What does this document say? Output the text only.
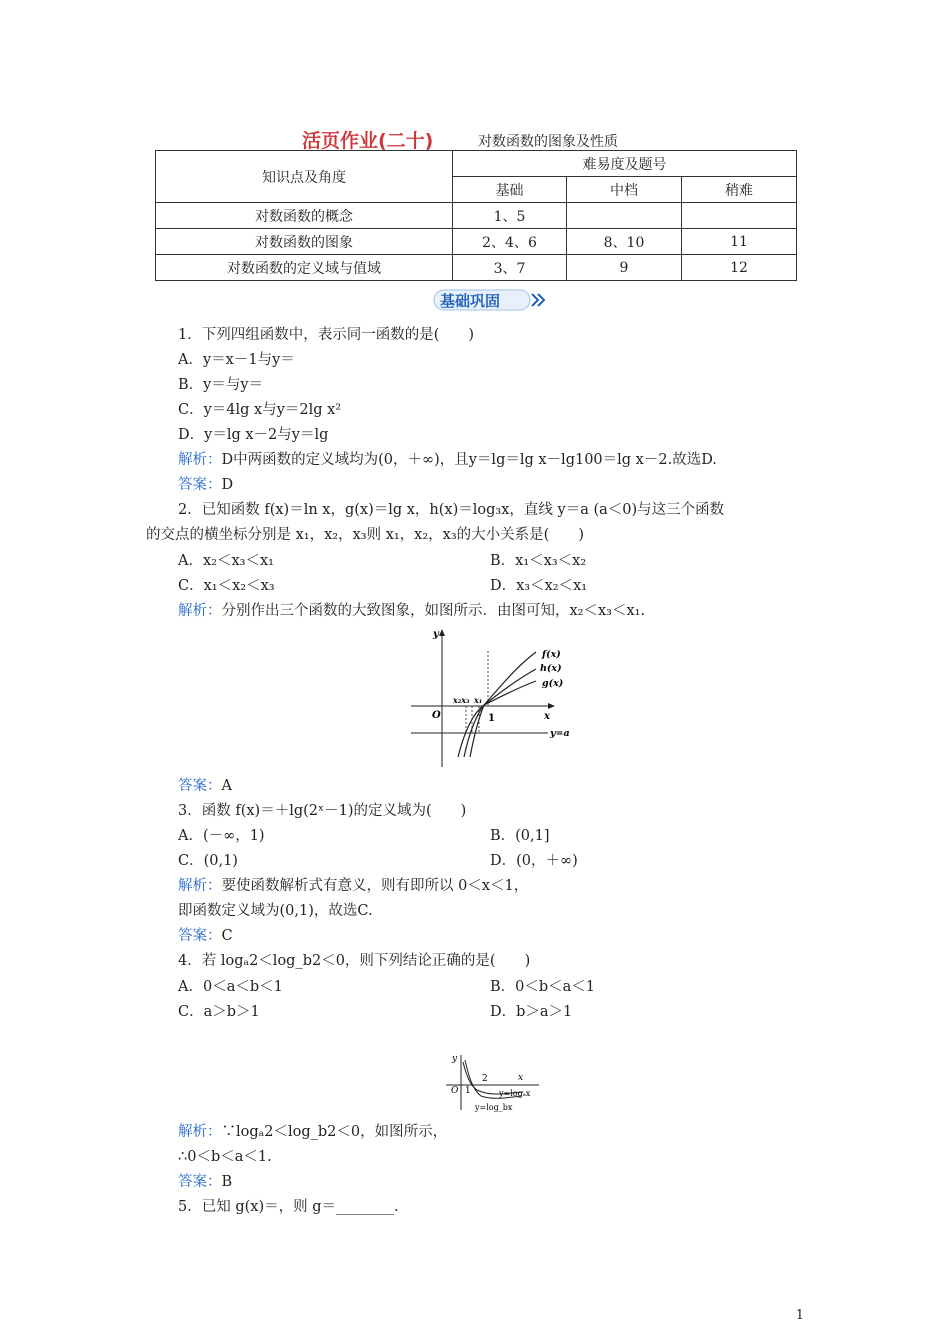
活页作业(二十)	对数函数的图象及性质
知识点及角度	难易度及题号		
	基础	中档	稍难
对数函数的概念	1、5		
对数函数的图象	2、4、6	8、10	11
对数函数的定义域与值域	3、7	9	12
基础巩固
1．下列四组函数中，表示同一函数的是(　　)
A．y＝x－1与y＝
B．y＝与y＝
C．y＝4lg x与y＝2lg x²
D．y＝lg x－2与y＝lg
解析：D中两函数的定义域均为(0，＋∞)，且y＝lg＝lg x－lg100＝lg x－2.故选D.
答案：D
2．已知函数 f(x)＝ln x，g(x)＝lg x，h(x)＝log₃x，直线 y＝a (a＜0)与这三个函数
的交点的横坐标分别是 x₁，x₂，x₃则 x₁，x₂，x₃的大小关系是(　　)
A．x₂＜x₃＜x₁	B．x₁＜x₃＜x₂
C．x₁＜x₂＜x₃	D．x₃＜x₂＜x₁
解析：分别作出三个函数的大致图象，如图所示．由图可知，x₂＜x₃＜x₁.
y
x
O	1
x₂x₃ x₁
f(x)
h(x)
g(x)
y=a
答案：A
3．函数 f(x)＝＋lg(2ˣ－1)的定义域为(　　)
A．(－∞，1)	B．(0,1]
C．(0,1)	D．(0，＋∞)
解析：要使函数解析式有意义，则有即所以 0＜x＜1，
即函数定义域为(0,1)，故选C.
答案：C
4．若 logₐ2＜log_b2＜0，则下列结论正确的是(　　)
A．0＜a＜b＜1	B．0＜b＜a＜1
C．a＞b＞1	D．b＞a＞1
y
x
O 1
2
y=logₐx
y=log_bx
解析：∵logₐ2＜log_b2＜0，如图所示，
∴0＜b＜a＜1.
答案：B
5．已知 g(x)＝，则 g＝________.
1
